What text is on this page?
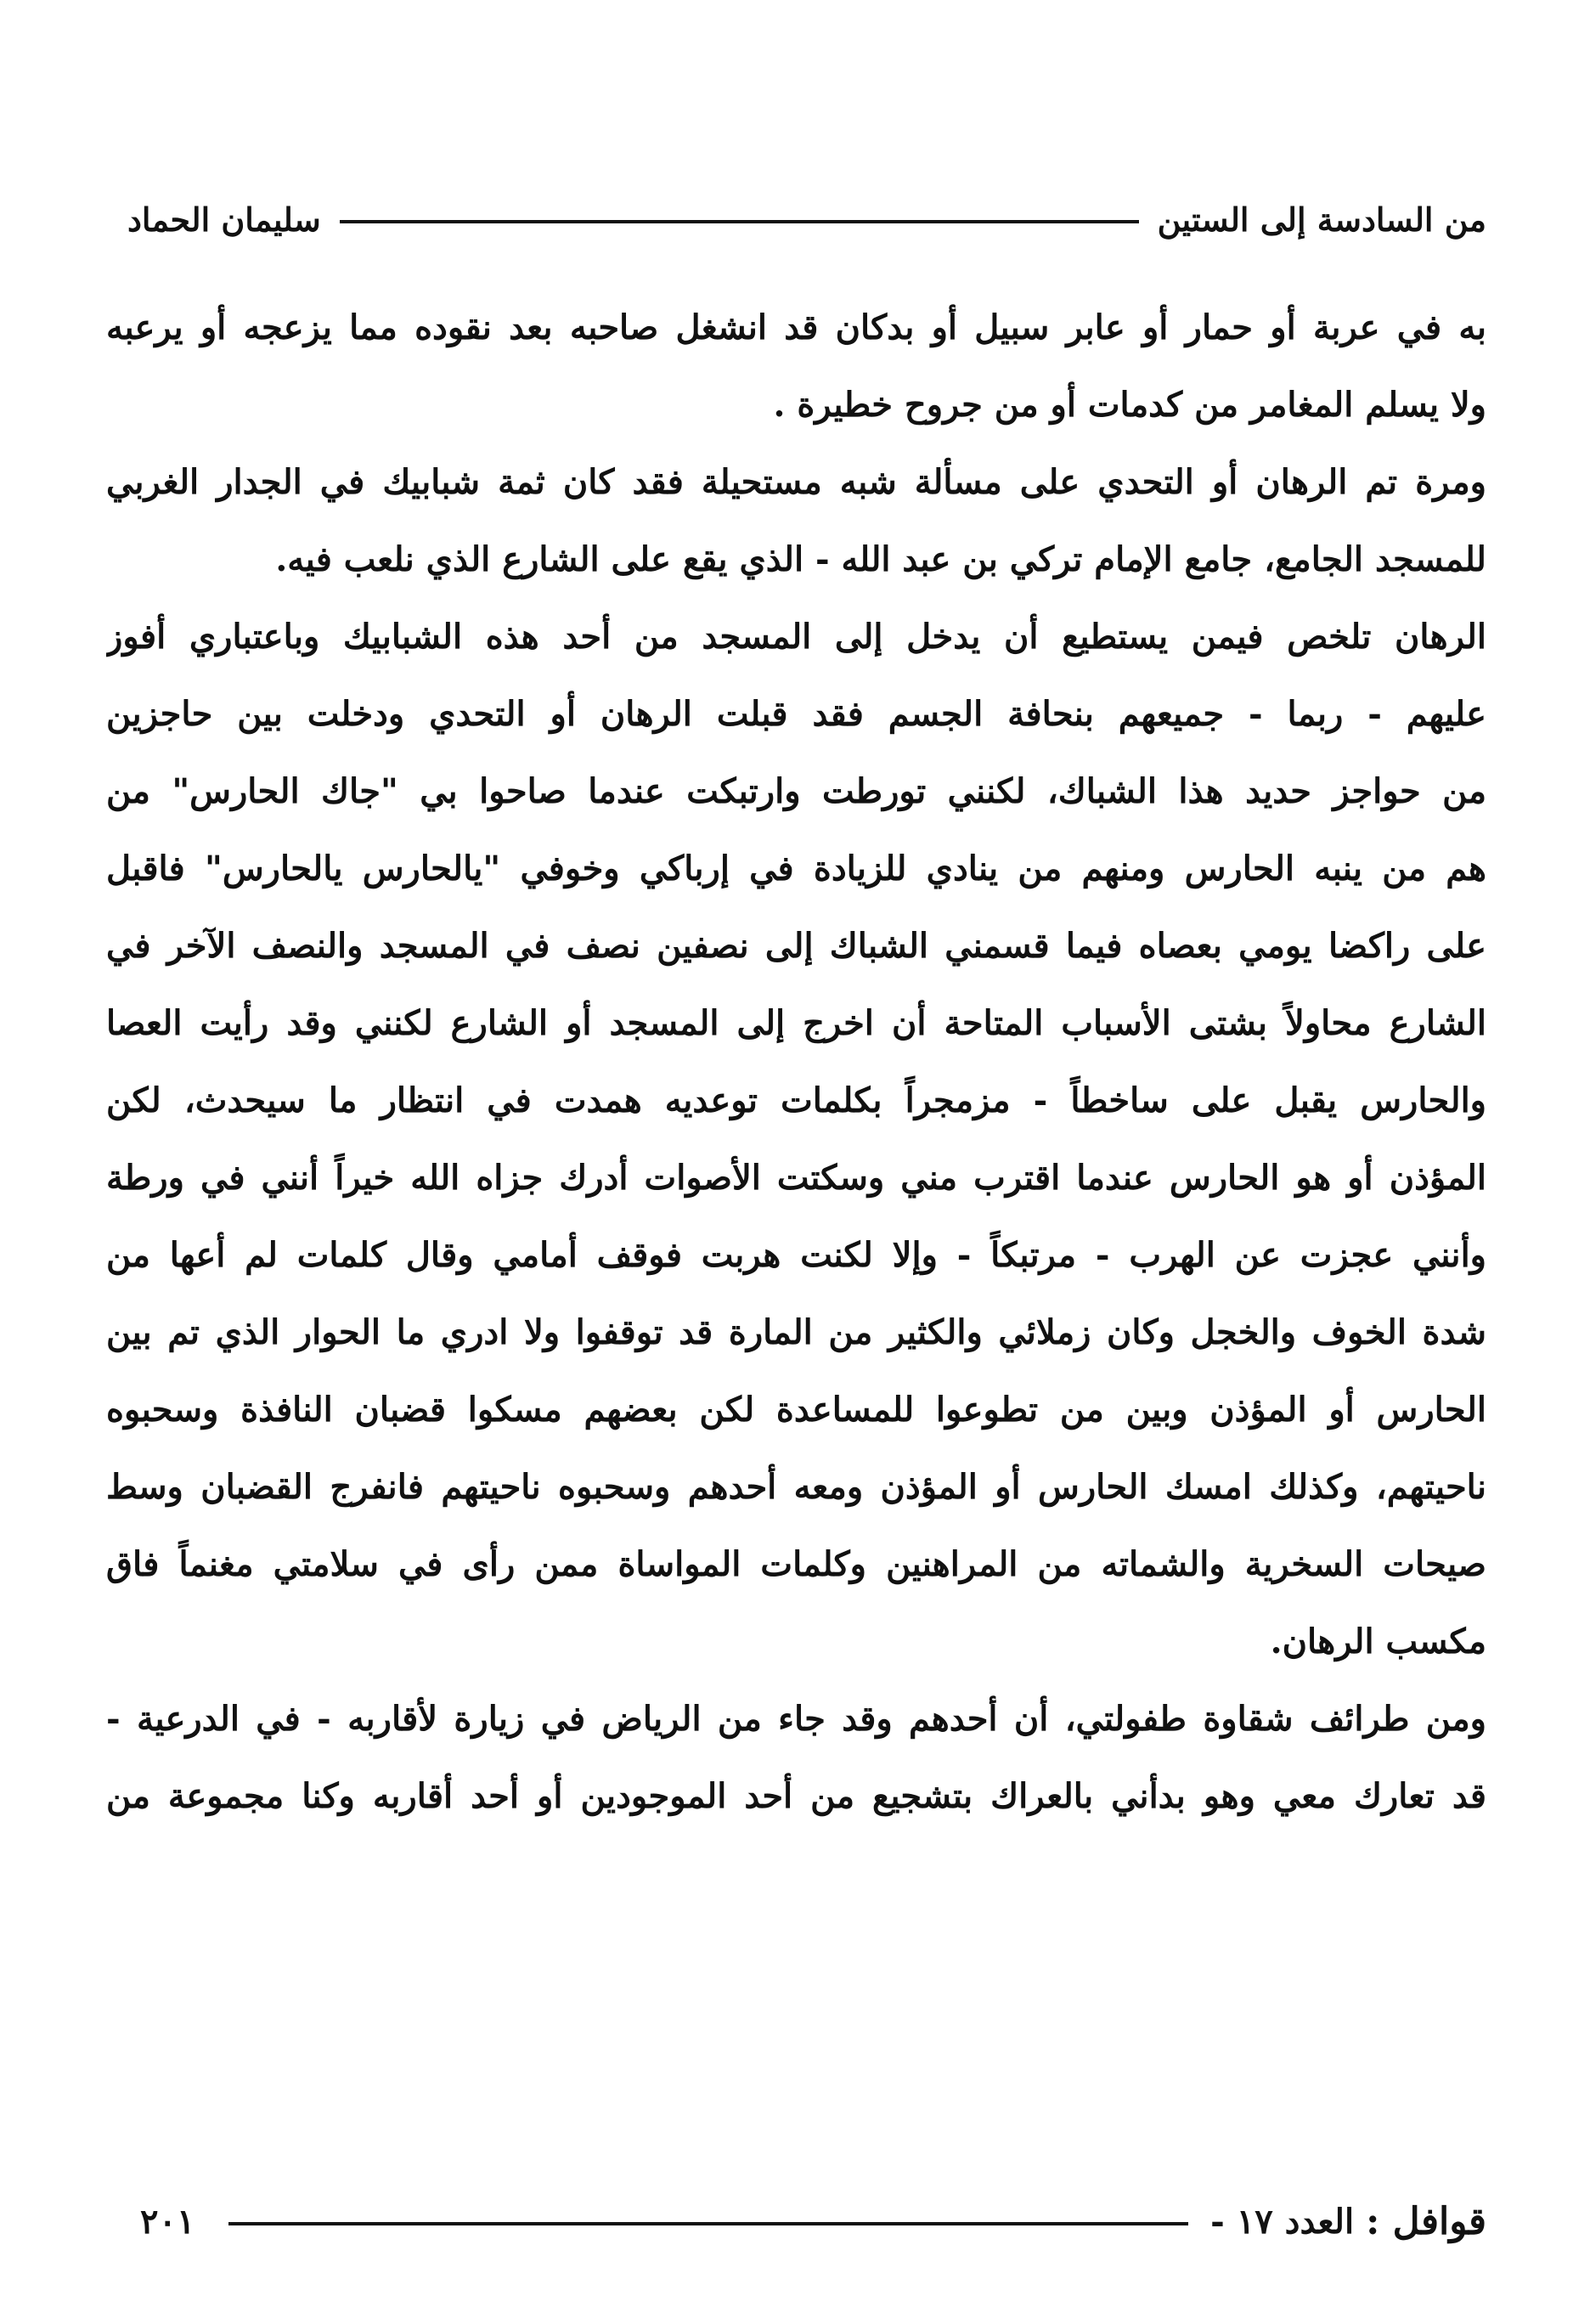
من السادسة إلى الستين
سليمان الحماد
به في عربة أو حمار أو عابر سبيل أو بدكان قد انشغل صاحبه بعد نقوده مما يزعجه أو يرعبه
ولا يسلم المغامر من كدمات أو من جروح خطيرة .
ومرة تم الرهان أو التحدي على مسألة شبه مستحيلة فقد كان ثمة شبابيك في الجدار الغربي
للمسجد الجامع، جامع الإمام تركي بن عبد الله - الذي يقع على الشارع الذي نلعب فيه.
الرهان تلخص فيمن يستطيع أن يدخل إلى المسجد من أحد هذه الشبابيك وباعتباري أفوز
عليهم - ربما - جميعهم بنحافة الجسم فقد قبلت الرهان أو التحدي ودخلت بين حاجزين
من حواجز حديد هذا الشباك، لكنني تورطت وارتبكت عندما صاحوا بي "جاك الحارس" من
هم من ينبه الحارس ومنهم من ينادي للزيادة في إرباكي وخوفي "يالحارس يالحارس" فاقبل
على راكضا يومي بعصاه فيما قسمني الشباك إلى نصفين نصف في المسجد والنصف الآخر في
الشارع محاولاً بشتى الأسباب المتاحة أن اخرج إلى المسجد أو الشارع لكنني وقد رأيت العصا
والحارس يقبل على ساخطاً - مزمجراً بكلمات توعديه همدت في انتظار ما سيحدث، لكن
المؤذن أو هو الحارس عندما اقترب مني وسكتت الأصوات أدرك جزاه الله خيراً أنني في ورطة
وأنني عجزت عن الهرب - مرتبكاً - وإلا لكنت هربت فوقف أمامي وقال كلمات لم أعها من
شدة الخوف والخجل وكان زملائي والكثير من المارة قد توقفوا ولا ادري ما الحوار الذي تم بين
الحارس أو المؤذن وبين من تطوعوا للمساعدة لكن بعضهم مسكوا قضبان النافذة وسحبوه
ناحيتهم، وكذلك امسك الحارس أو المؤذن ومعه أحدهم وسحبوه ناحيتهم فانفرج القضبان وسط
صيحات السخرية والشماته من المراهنين وكلمات المواساة ممن رأى في سلامتي مغنماً فاق
مكسب الرهان.
ومن طرائف شقاوة طفولتي، أن أحدهم وقد جاء من الرياض في زيارة لأقاربه - في الدرعية -
قد تعارك معي وهو بدأني بالعراك بتشجيع من أحد الموجودين أو أحد أقاربه وكنا مجموعة من
قوافل :
العدد ١٧
-
٢٠١
